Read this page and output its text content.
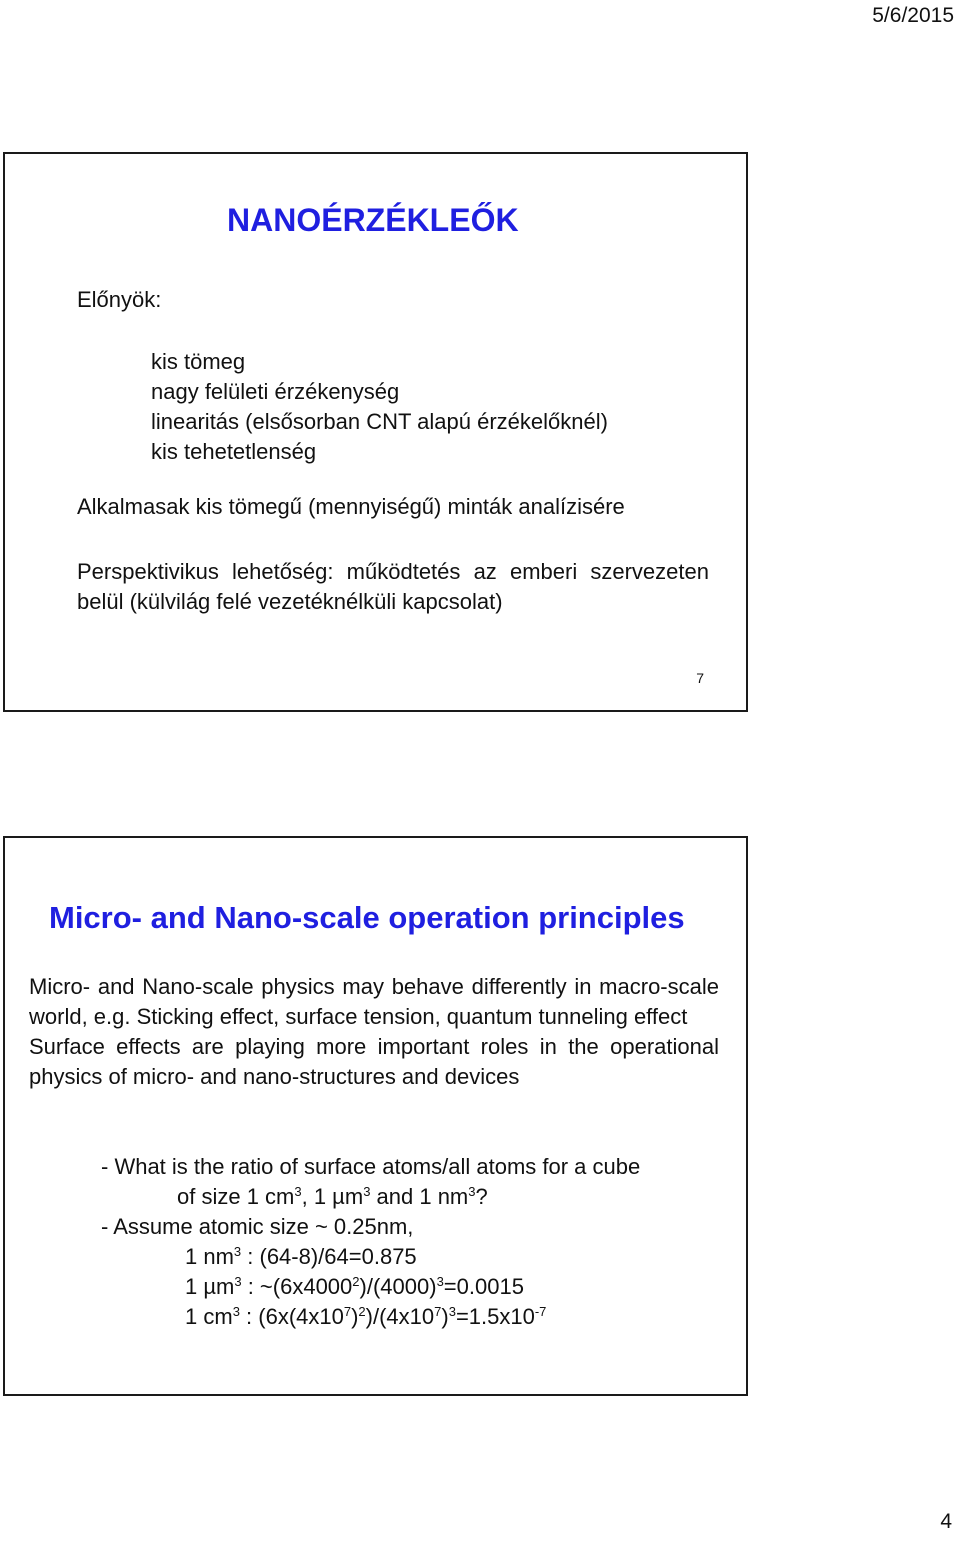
5/6/2015
NANOÉRZÉKLEŐK
Előnyök:
kis tömeg
nagy felületi érzékenység
linearitás (elsősorban CNT alapú érzékelőknél)
kis tehetetlenség
Alkalmasak kis tömegű (mennyiségű) minták analízisére
Perspektivikus lehetőség: működtetés az emberi szervezeten belül (külvilág felé vezetéknélküli kapcsolat)
7
Micro- and Nano-scale operation principles

Micro- and Nano-scale physics may behave differently in macro-scale world, e.g. Sticking effect, surface tension, quantum tunneling effect

Surface effects are playing more important roles in the operational physics of micro- and nano-structures and devices

- What is the ratio of surface atoms/all atoms for a cube
of size 1 $cm^3$, 1 µm$^3$ and 1 $nm^3$?
- Assume atomic size ~ 0.25nm,
1 $nm^3$ : (64-8)/64=0.875
1 µm$^3$ : $\sim(6x4000^2)/(4000)^3=0.0015$
1 $cm^3$ : $(6x(4x10^7)^2)/(4x10^7)^3=1.5x10^{-7}$
4
